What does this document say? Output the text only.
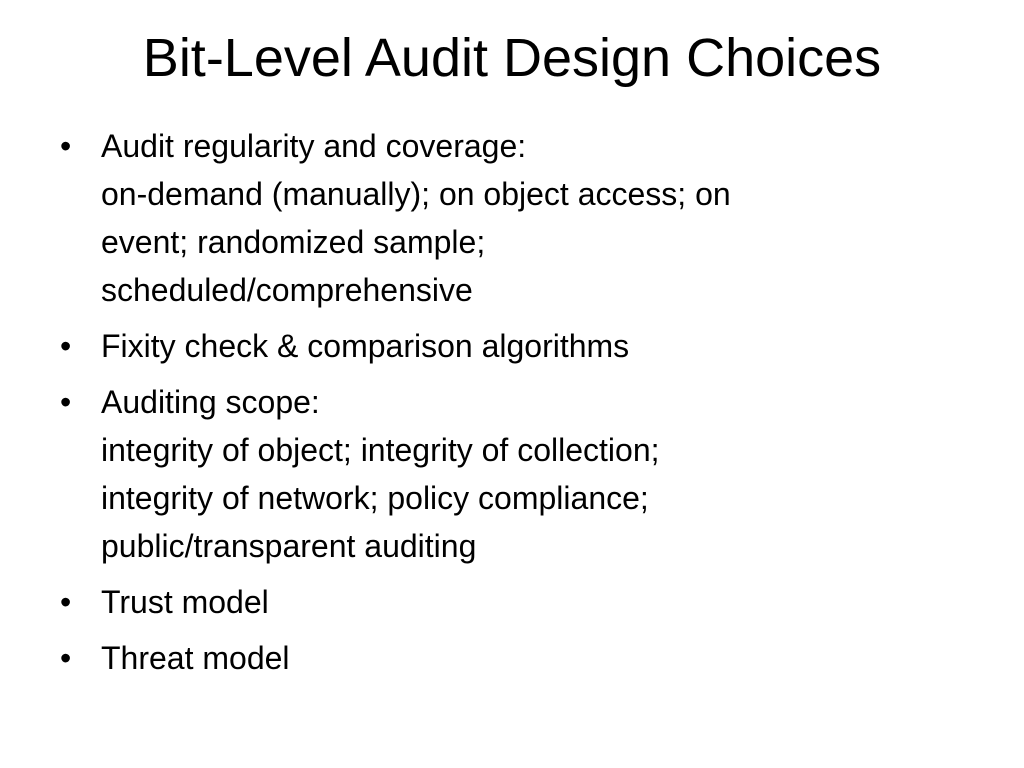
Bit-Level Audit Design Choices
• Audit regularity and coverage:
on-demand (manually); on object access; on
event; randomized sample;
scheduled/comprehensive
• Fixity check & comparison algorithms
• Auditing scope:
integrity of object; integrity of collection;
integrity of network; policy compliance;
public/transparent auditing
• Trust model
• Threat model
